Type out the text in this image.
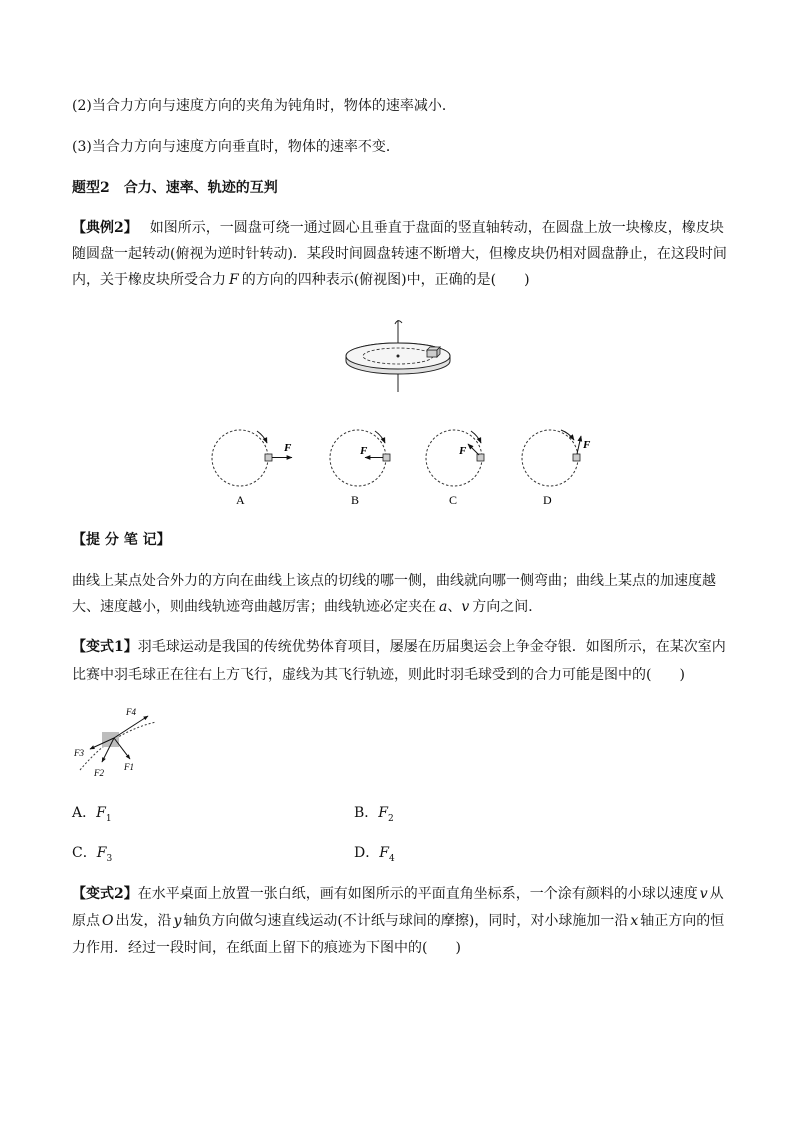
(2)当合力方向与速度方向的夹角为钝角时，物体的速率减小．
(3)当合力方向与速度方向垂直时，物体的速率不变．
题型2　合力、速率、轨迹的互判
【典例2】 如图所示，一圆盘可绕一通过圆心且垂直于盘面的竖直轴转动，在圆盘上放一块橡皮，橡皮块
随圆盘一起转动(俯视为逆时针转动)．某段时间圆盘转速不断增大，但橡皮块仍相对圆盘静止，在这段时间
内，关于橡皮块所受合力 F 的方向的四种表示(俯视图)中，正确的是(　　)
F
A
F
B
F
C
F
D
【提 分 笔 记】
曲线上某点处合外力的方向在曲线上该点的切线的哪一侧，曲线就向哪一侧弯曲；曲线上某点的加速度越
大、速度越小，则曲线轨迹弯曲越厉害；曲线轨迹必定夹在 a、v 方向之间．
【变式1】羽毛球运动是我国的传统优势体育项目，屡屡在历届奥运会上争金夺银．如图所示，在某次室内
比赛中羽毛球正在往右上方飞行，虚线为其飞行轨迹，则此时羽毛球受到的合力可能是图中的(　　)
F4
F3
F2
F1
A．$F_1$	B．$F_2$
C．$F_3$	D．$F_4$
【变式2】在水平桌面上放置一张白纸，画有如图所示的平面直角坐标系，一个涂有颜料的小球以速度 v 从
原点 O 出发，沿 y 轴负方向做匀速直线运动(不计纸与球间的摩擦)，同时，对小球施加一沿 x 轴正方向的恒
力作用．经过一段时间，在纸面上留下的痕迹为下图中的(　　)
